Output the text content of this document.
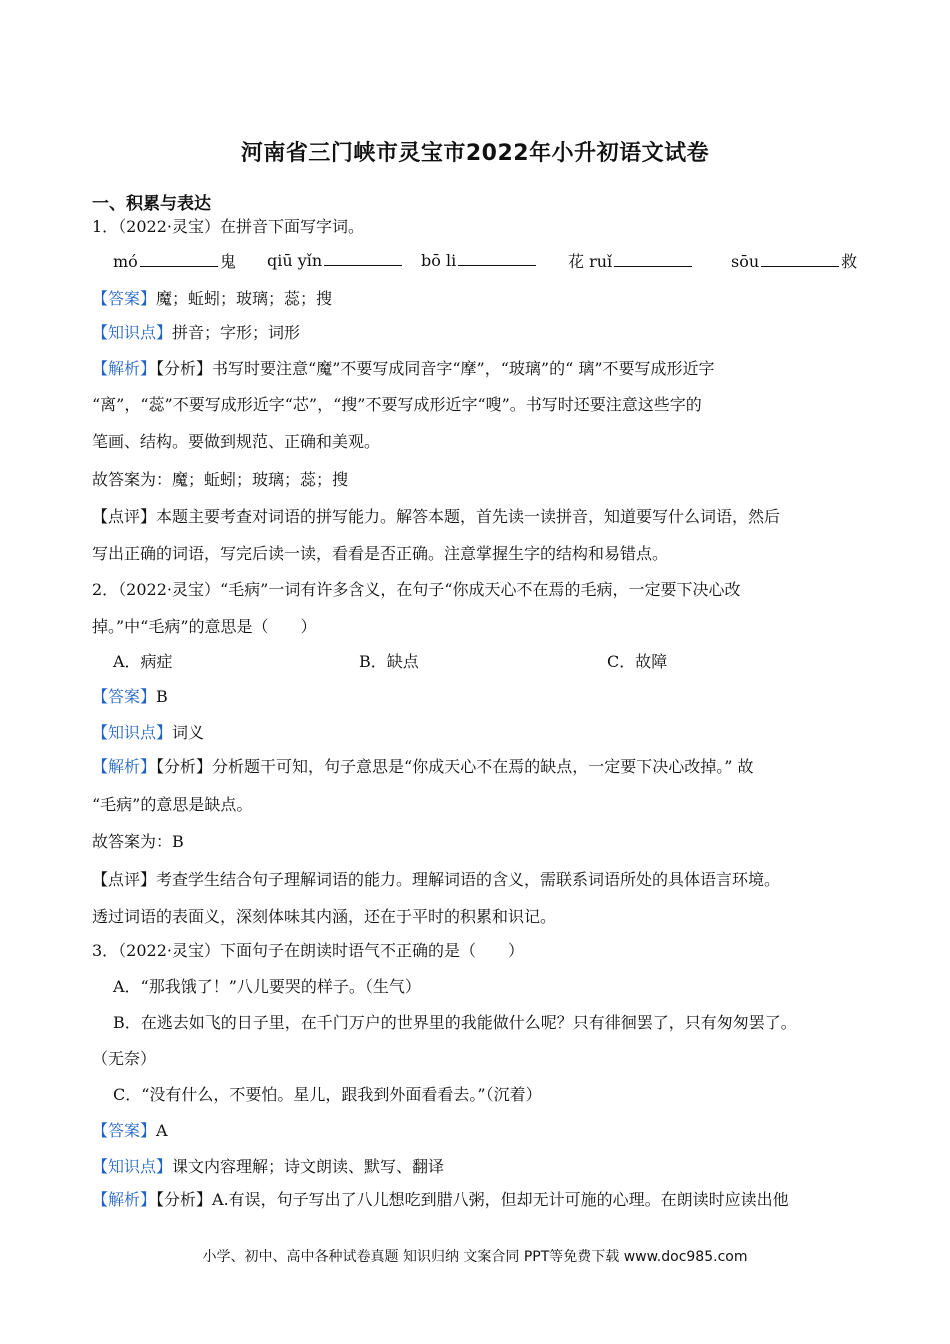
河南省三门峡市灵宝市2022年小升初语文试卷
一、积累与表达
1．（2022·灵宝）在拼音下面写字词。
mó	鬼 qiū yǐn	bō li	花 ruǐ	sōu	救
【答案】魔；蚯蚓；玻璃；蕊；搜
【知识点】拼音；字形；词形
【解析】【分析】书写时要注意“魔”不要写成同音字“摩”，“玻璃”的“ 璃”不要写成形近字
“离”，“蕊”不要写成形近字“芯”，“搜”不要写成形近字“嗖”。书写时还要注意这些字的
笔画、结构。要做到规范、正确和美观。
故答案为：魔；蚯蚓；玻璃；蕊；搜
【点评】本题主要考查对词语的拼写能力。解答本题，首先读一读拼音，知道要写什么词语，然后
写出正确的词语，写完后读一读，看看是否正确。注意掌握生字的结构和易错点。
2．（2022·灵宝）“毛病”一词有许多含义，在句子“你成天心不在焉的毛病，一定要下决心改
掉。”中“毛病”的意思是（　　）
A．病症	B．缺点	C．故障
【答案】B
【知识点】词义
【解析】【分析】分析题干可知，句子意思是“你成天心不在焉的缺点，一定要下决心改掉。” 故
“毛病”的意思是缺点。
故答案为：B
【点评】考查学生结合句子理解词语的能力。理解词语的含义，需联系词语所处的具体语言环境。
透过词语的表面义，深刻体味其内涵，还在于平时的积累和识记。
3．（2022·灵宝）下面句子在朗读时语气不正确的是（　　）
A．“那我饿了！”八儿要哭的样子。（生气）
B．在逃去如飞的日子里，在千门万户的世界里的我能做什么呢？只有徘徊罢了，只有匆匆罢了。
（无奈）
C．“没有什么，不要怕。星儿，跟我到外面看看去。”（沉着）
【答案】A
【知识点】课文内容理解；诗文朗读、默写、翻译
【解析】【分析】A.有误，句子写出了八儿想吃到腊八粥，但却无计可施的心理。在朗读时应读出他
小学、初中、高中各种试卷真题 知识归纳 文案合同 PPT等免费下载 www.doc985.com
